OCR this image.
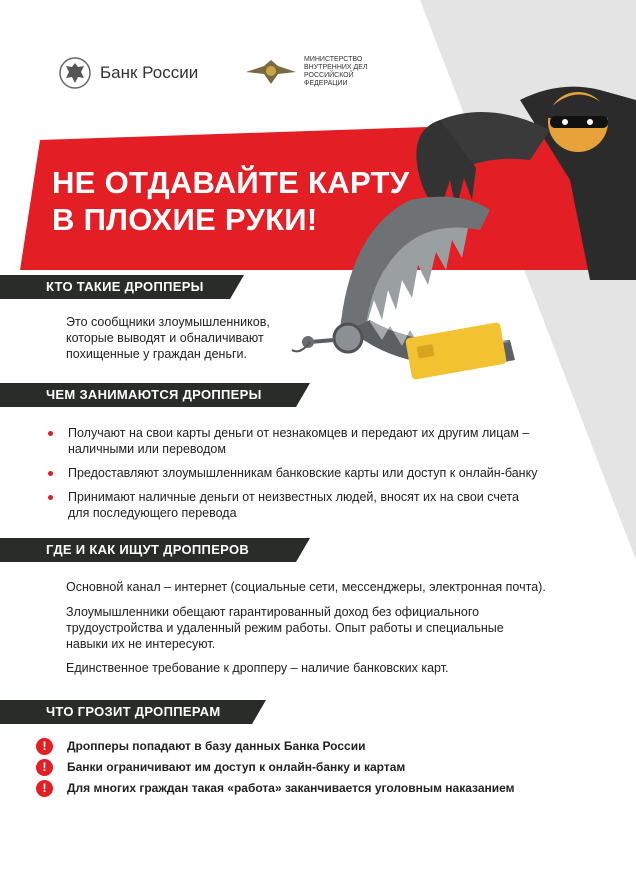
Банк России
МИНИСТЕРСТВО ВНУТРЕННИХ ДЕЛ РОССИЙСКОЙ ФЕДЕРАЦИИ
НЕ ОТДАВАЙТЕ КАРТУ
В ПЛОХИЕ РУКИ!
КТО ТАКИЕ ДРОППЕРЫ
Это сообщники злоумышленников,
которые выводят и обналичивают
похищенные у граждан деньги.
ЧЕМ ЗАНИМАЮТСЯ ДРОППЕРЫ
Получают на свои карты деньги от незнакомцев и передают их другим лицам –
наличными или переводом
Предоставляют злоумышленникам банковские карты или доступ к онлайн-банку
Принимают наличные деньги от неизвестных людей, вносят их на свои счета
для последующего перевода
ГДЕ И КАК ИЩУТ ДРОППЕРОВ
Основной канал – интернет (социальные сети, мессенджеры, электронная почта).
Злоумышленники обещают гарантированный доход без официального
трудоустройства и удаленный режим работы. Опыт работы и специальные
навыки их не интересуют.
Единственное требование к дропперу – наличие банковских карт.
ЧТО ГРОЗИТ ДРОППЕРАМ
!	Дропперы попадают в базу данных Банка России
!	Банки ограничивают им доступ к онлайн-банку и картам
!	Для многих граждан такая «работа» заканчивается уголовным наказанием
